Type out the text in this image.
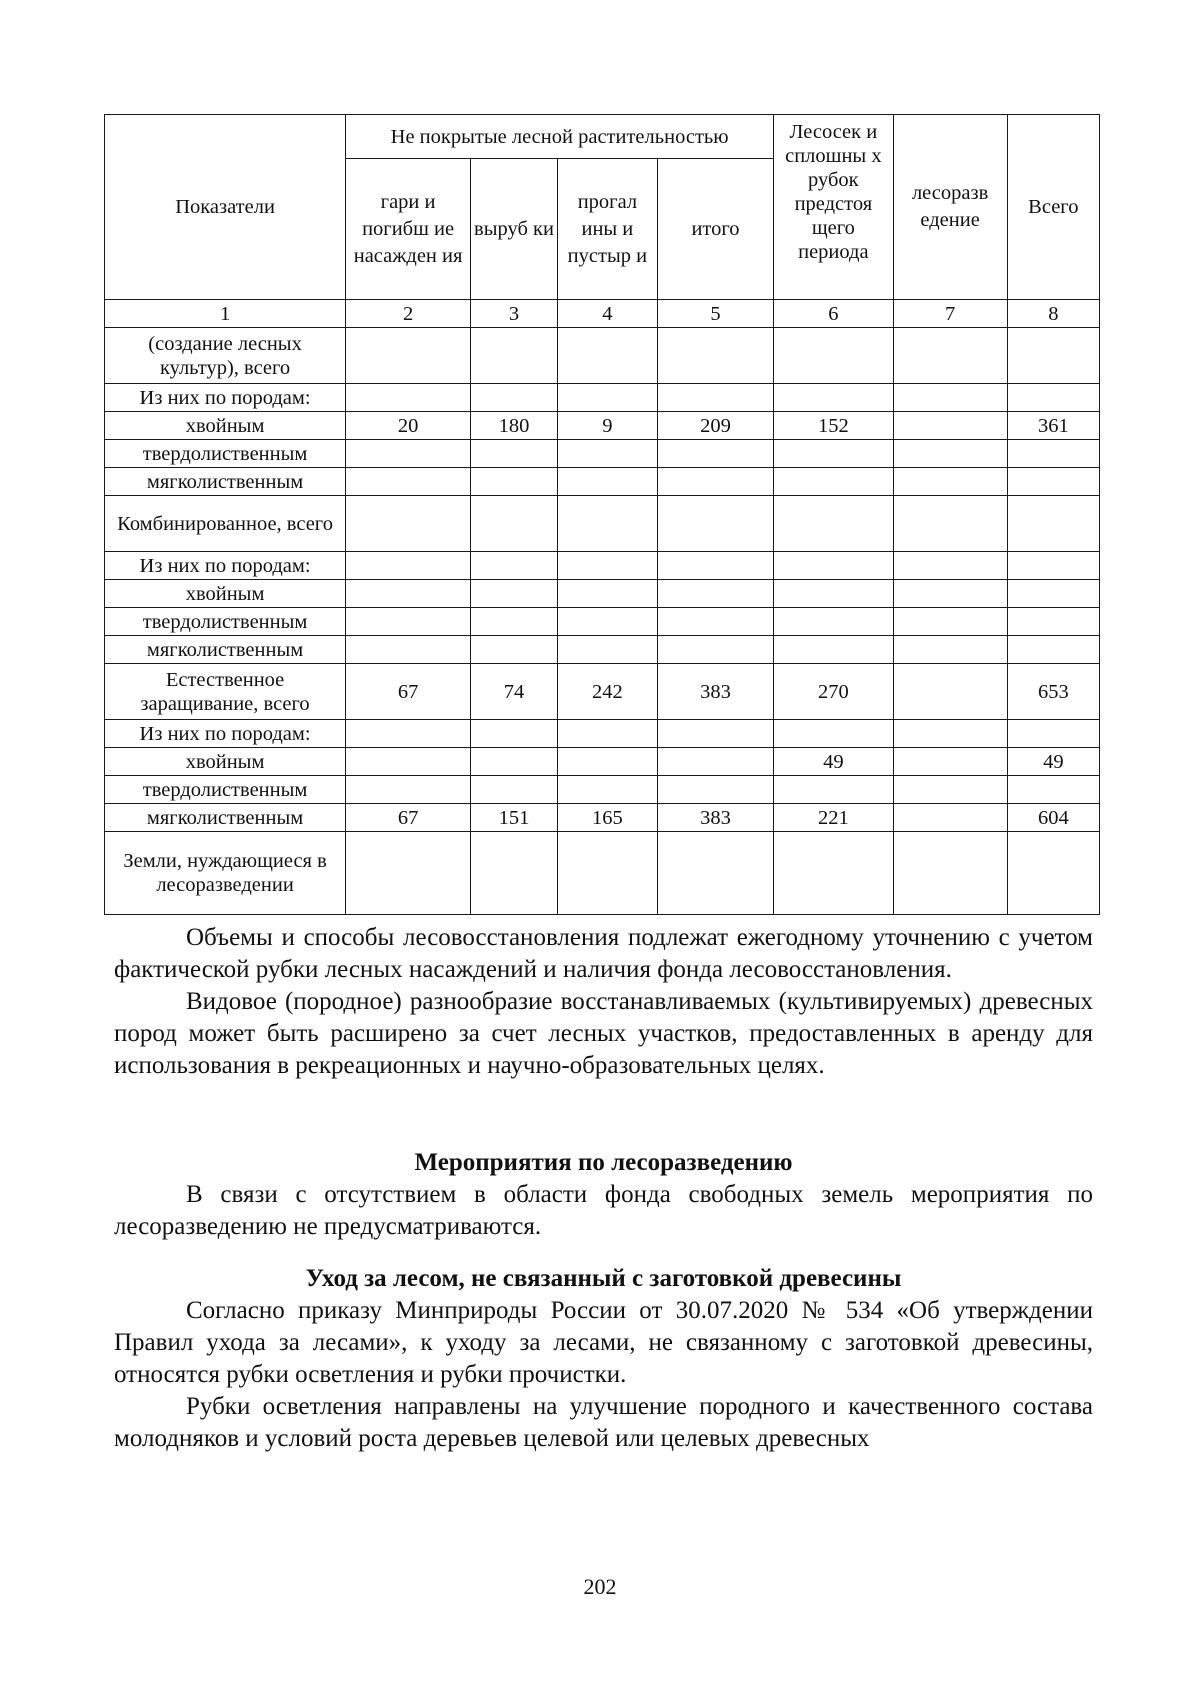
Показатели	Не покрытые лесной растительностью				Лесосек и сплошны х рубок предстоя щего периода	лесоразв едение	Всего
	гари и погибш ие насажден ия	выруб ки	прогал ины и пустыр и	итого			
1	2	3	4	5	6	7	8
(создание лесных культур), всего							
Из них по породам:							
хвойным	20	180	9	209	152		361
твердолиственным							
мягколиственным							
Комбинированное, всего							
Из них по породам:							
хвойным							
твердолиственным							
мягколиственным							
Естественное заращивание, всего	67	74	242	383	270		653
Из них по породам:							
хвойным					49		49
твердолиственным							
мягколиственным	67	151	165	383	221		604
Земли, нуждающиеся в лесоразведении							

Объемы и способы лесовосстановления подлежат ежегодному уточнению с учетом фактической рубки лесных насаждений и наличия фонда лесовосстановления.

Видовое (породное) разнообразие восстанавливаемых (культивируемых) древесных пород может быть расширено за счет лесных участков, предоставленных в аренду для использования в рекреационных и научно-образовательных целях.

Мероприятия по лесоразведению

В связи с отсутствием в области фонда свободных земель мероприятия по лесоразведению не предусматриваются.

Уход за лесом, не связанный с заготовкой древесины

Согласно приказу Минприроды России от 30.07.2020 № 534 «Об утверждении Правил ухода за лесами», к уходу за лесами, не связанному с заготовкой древесины, относятся рубки осветления и рубки прочистки.

Рубки осветления направлены на улучшение породного и качественного состава молодняков и условий роста деревьев целевой или целевых древесных

202
